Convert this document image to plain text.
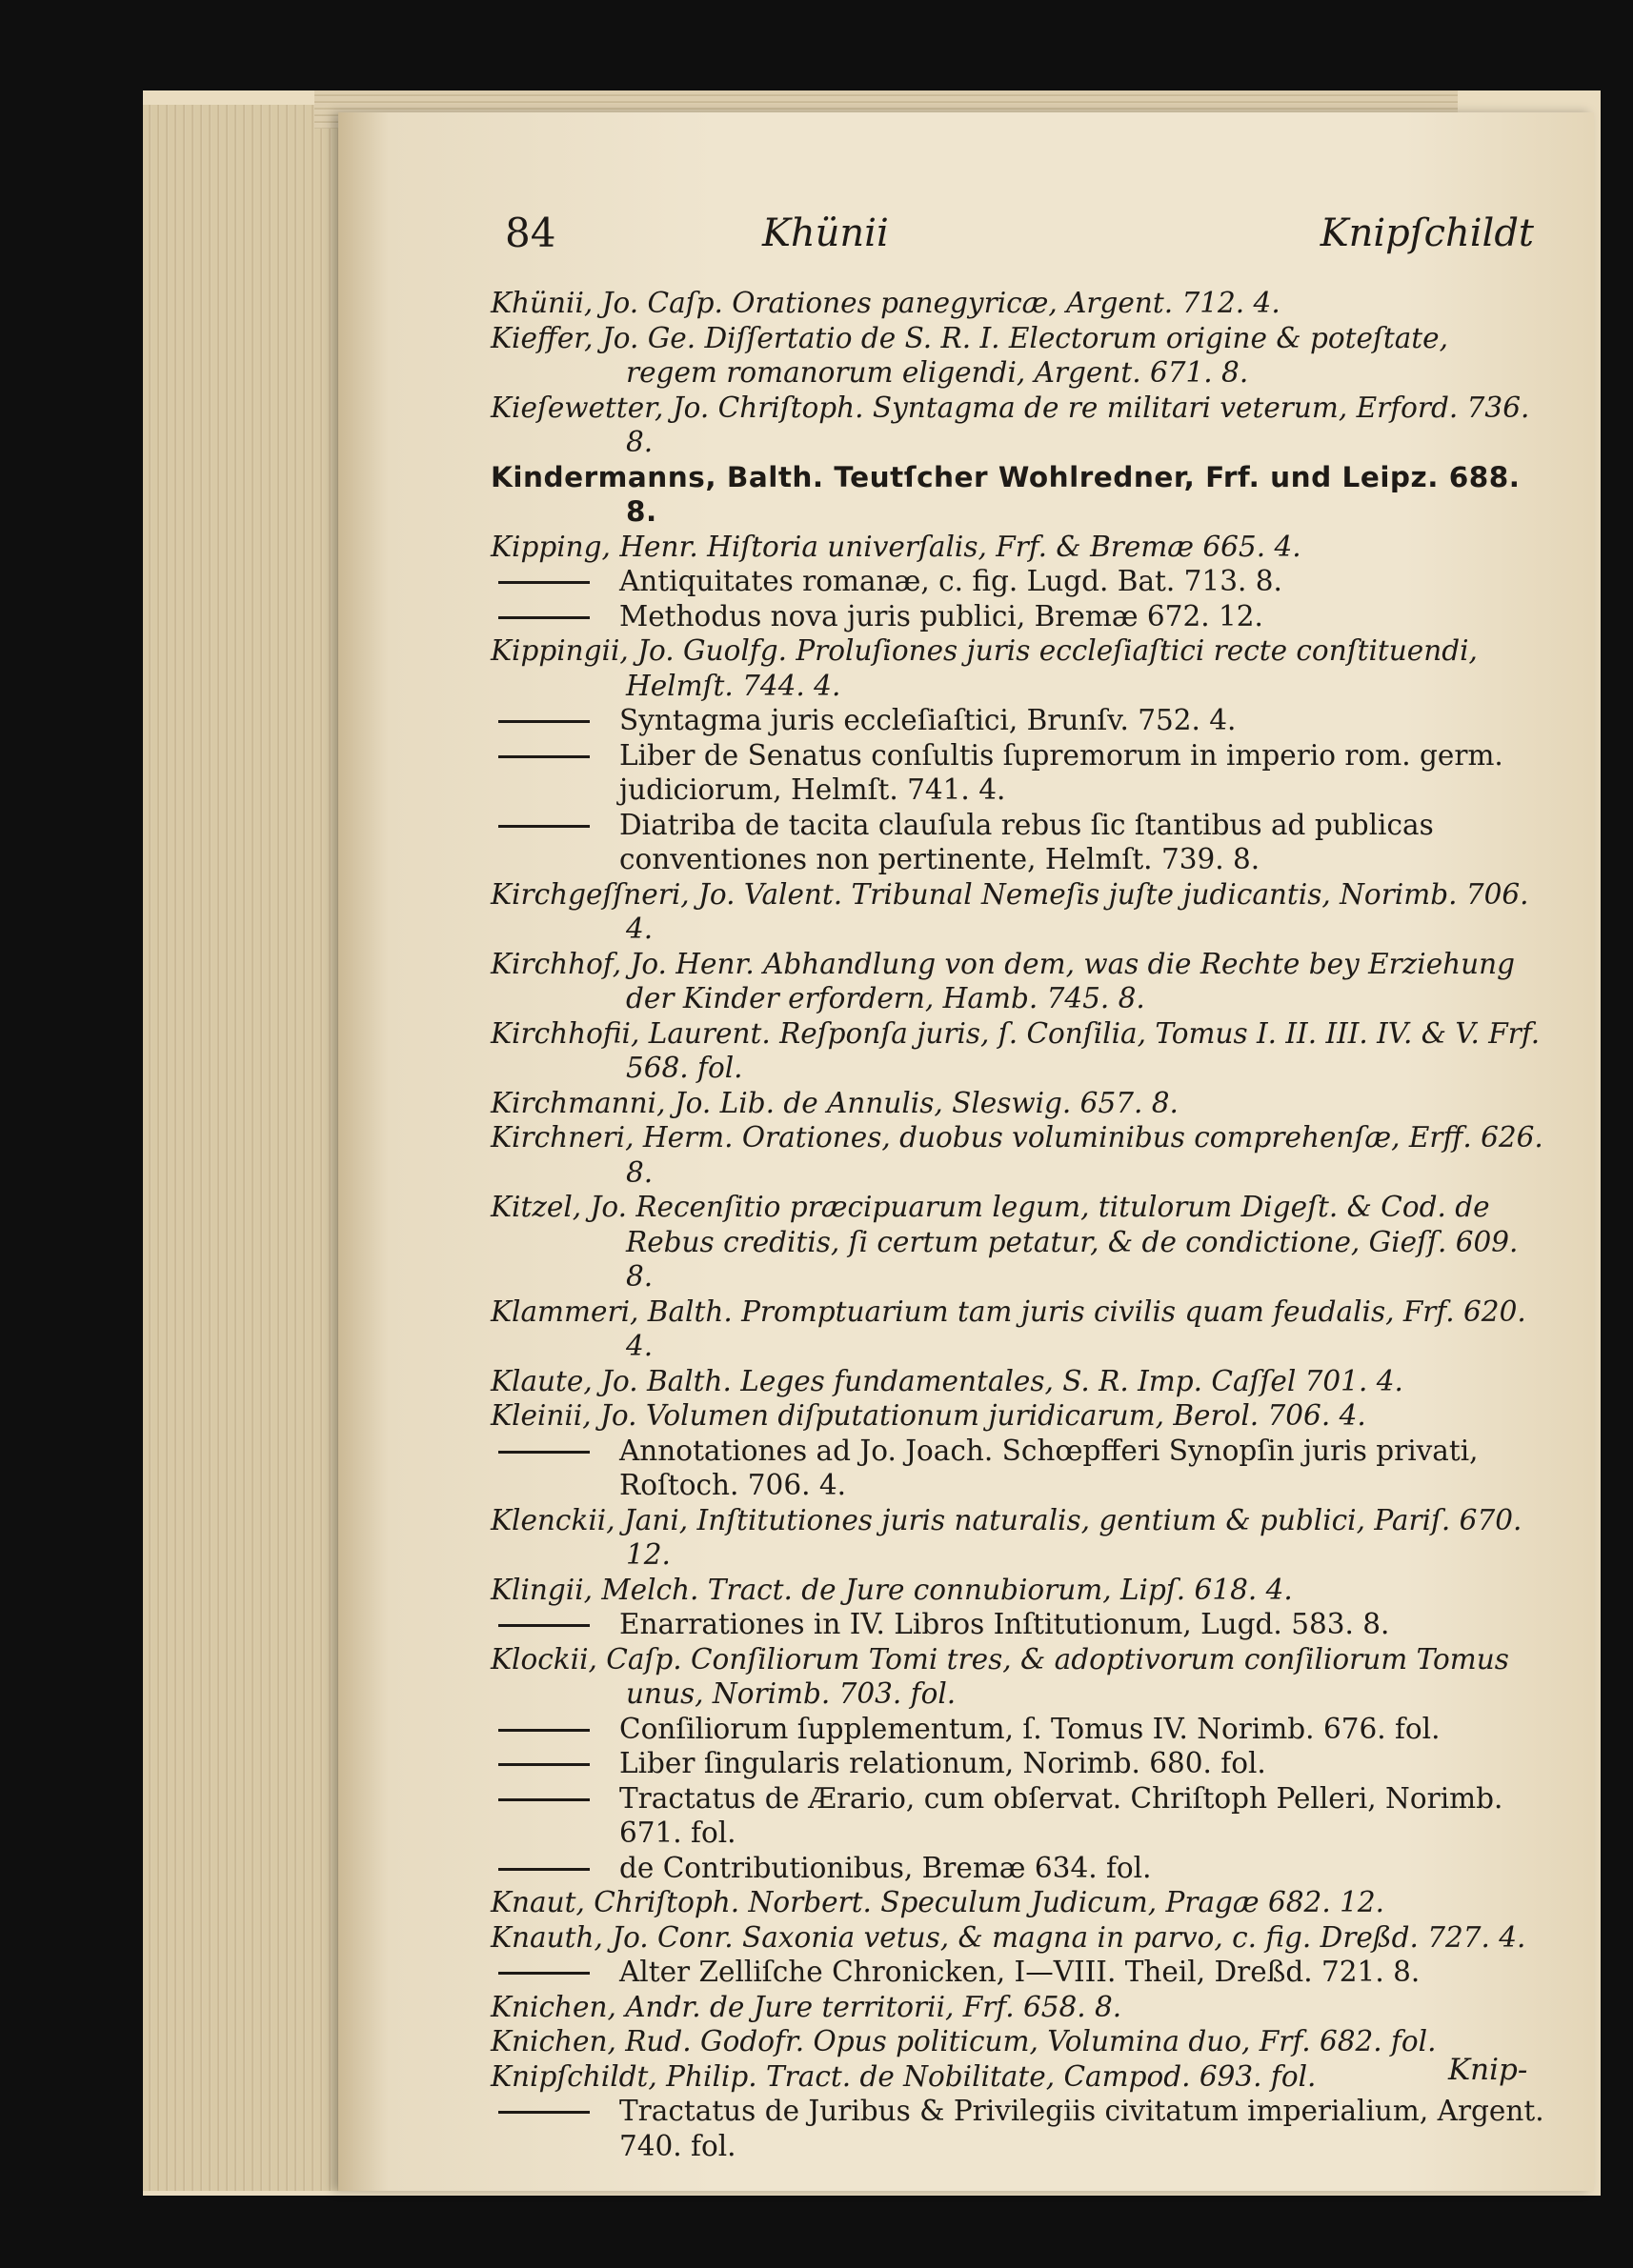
84	Khünii	Knipſchildt
Khünii, Jo. Caſp. Orationes panegyricæ, Argent. 712. 4.
Kieffer, Jo. Ge. Diſſertatio de S. R. I. Electorum origine & poteſtate, regem romanorum eligendi, Argent. 671. 8.
Kieſewetter, Jo. Chriſtoph. Syntagma de re militari veterum, Erford. 736. 8.
Kindermanns, Balth. Teutſcher Wohlredner, Frf. und Leipz. 688. 8.
Kipping, Henr. Hiſtoria univerſalis, Frf. & Bremæ 665. 4.
Antiquitates romanæ, c. fig. Lugd. Bat. 713. 8.
Methodus nova juris publici, Bremæ 672. 12.
Kippingii, Jo. Guolfg. Proluſiones juris eccleſiaſtici recte conſtituendi, Helmſt. 744. 4.
Syntagma juris eccleſiaſtici, Brunſv. 752. 4.
Liber de Senatus conſultis ſupremorum in imperio rom. germ. judiciorum, Helmſt. 741. 4.
Diatriba de tacita clauſula rebus ſic ſtantibus ad publicas conventiones non pertinente, Helmſt. 739. 8.
Kirchgeſſneri, Jo. Valent. Tribunal Nemeſis juſte judicantis, Norimb. 706. 4.
Kirchhof, Jo. Henr. Abhandlung von dem, was die Rechte bey Erziehung der Kinder erfordern, Hamb. 745. 8.
Kirchhofii, Laurent. Reſponſa juris, ſ. Conſilia, Tomus I. II. III. IV. & V. Frf. 568. fol.
Kirchmanni, Jo. Lib. de Annulis, Sleswig. 657. 8.
Kirchneri, Herm. Orationes, duobus voluminibus comprehenſæ, Erff. 626. 8.
Kitzel, Jo. Recenſitio præcipuarum legum, titulorum Digeſt. & Cod. de Rebus creditis, ſi certum petatur, & de condictione, Gieſſ. 609. 8.
Klammeri, Balth. Promptuarium tam juris civilis quam feudalis, Frf. 620. 4.
Klaute, Jo. Balth. Leges fundamentales, S. R. Imp. Caſſel 701. 4.
Kleinii, Jo. Volumen diſputationum juridicarum, Berol. 706. 4.
Annotationes ad Jo. Joach. Schœpfferi Synopſin juris privati, Roſtoch. 706. 4.
Klenckii, Jani, Inſtitutiones juris naturalis, gentium & publici, Pariſ. 670. 12.
Klingii, Melch. Tract. de Jure connubiorum, Lipſ. 618. 4.
Enarrationes in IV. Libros Inſtitutionum, Lugd. 583. 8.
Klockii, Caſp. Conſiliorum Tomi tres, & adoptivorum conſiliorum Tomus unus, Norimb. 703. fol.
Conſiliorum ſupplementum, ſ. Tomus IV. Norimb. 676. fol.
Liber ſingularis relationum, Norimb. 680. fol.
Tractatus de Ærario, cum obſervat. Chriſtoph Pelleri, Norimb. 671. fol.
de Contributionibus, Bremæ 634. fol.
Knaut, Chriſtoph. Norbert. Speculum Judicum, Pragæ 682. 12.
Knauth, Jo. Conr. Saxonia vetus, & magna in parvo, c. fig. Dreßd. 727. 4.
Alter Zelliſche Chronicken, I—VIII. Theil, Dreßd. 721. 8.
Knichen, Andr. de Jure territorii, Frf. 658. 8.
Knichen, Rud. Godofr. Opus politicum, Volumina duo, Frf. 682. fol.
Knipſchildt, Philip. Tract. de Nobilitate, Campod. 693. fol.
Tractatus de Juribus & Privilegiis civitatum imperialium, Argent. 740. fol.
Knip-
